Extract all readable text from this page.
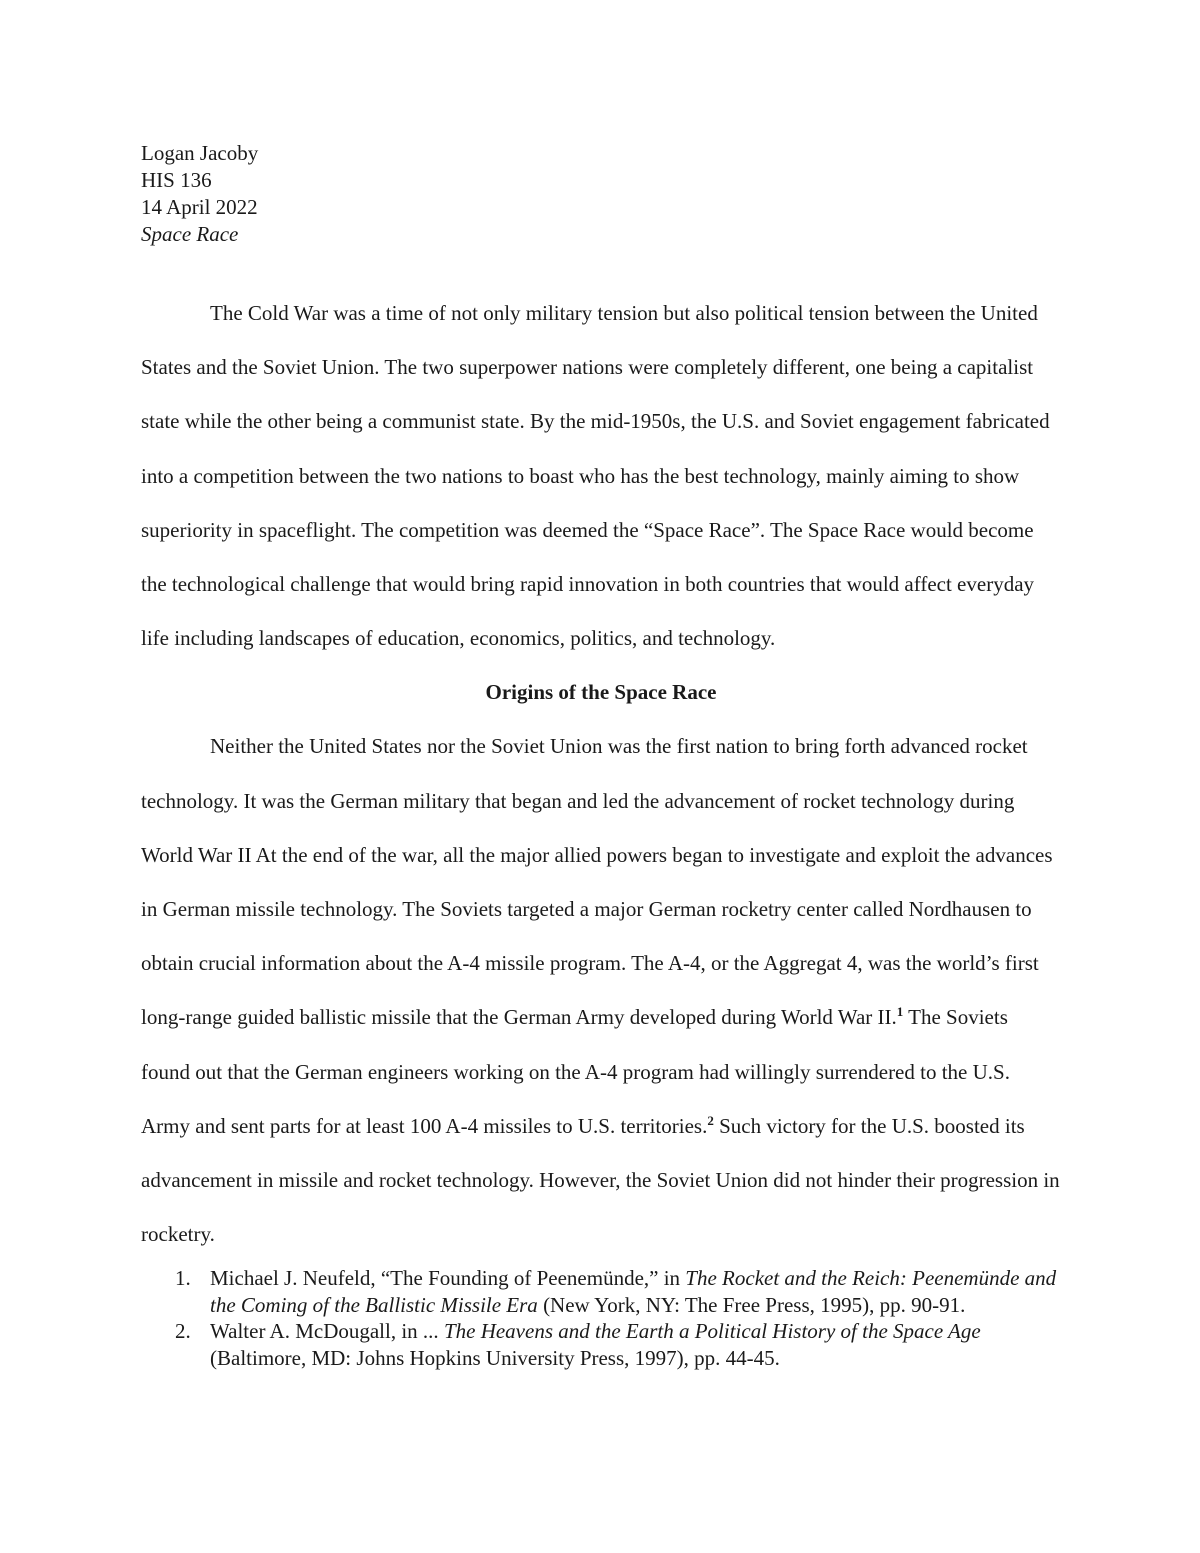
Logan Jacoby

HIS 136

14 April 2022

Space Race

The Cold War was a time of not only military tension but also political tension between the United States and the Soviet Union. The two superpower nations were completely different, one being a capitalist state while the other being a communist state. By the mid-1950s, the U.S. and Soviet engagement fabricated into a competition between the two nations to boast who has the best technology, mainly aiming to show superiority in spaceflight. The competition was deemed the “Space Race”. The Space Race would become the technological challenge that would bring rapid innovation in both countries that would affect everyday life including landscapes of education, economics, politics, and technology.

Origins of the Space Race

Neither the United States nor the Soviet Union was the first nation to bring forth advanced rocket technology. It was the German military that began and led the advancement of rocket technology during World War II At the end of the war, all the major allied powers began to investigate and exploit the advances in German missile technology. The Soviets targeted a major German rocketry center called Nordhausen to obtain crucial information about the A-4 missile program. The A-4, or the Aggregat 4, was the world’s first long-range guided ballistic missile that the German Army developed during World War II.$^1$ The Soviets found out that the German engineers working on the A-4 program had willingly surrendered to the U.S. Army and sent parts for at least 100 A-4 missiles to U.S. territories.$^2$ Such victory for the U.S. boosted its advancement in missile and rocket technology. However, the Soviet Union did not hinder their progression in rocketry.

1. Michael J. Neufeld, “The Founding of Peenemünde,” in The Rocket and the Reich: Peenemünde and the Coming of the Ballistic Missile Era (New York, NY: The Free Press, 1995), pp. 90-91.
2. Walter A. McDougall, in ... The Heavens and the Earth a Political History of the Space Age (Baltimore, MD: Johns Hopkins University Press, 1997), pp. 44-45.
